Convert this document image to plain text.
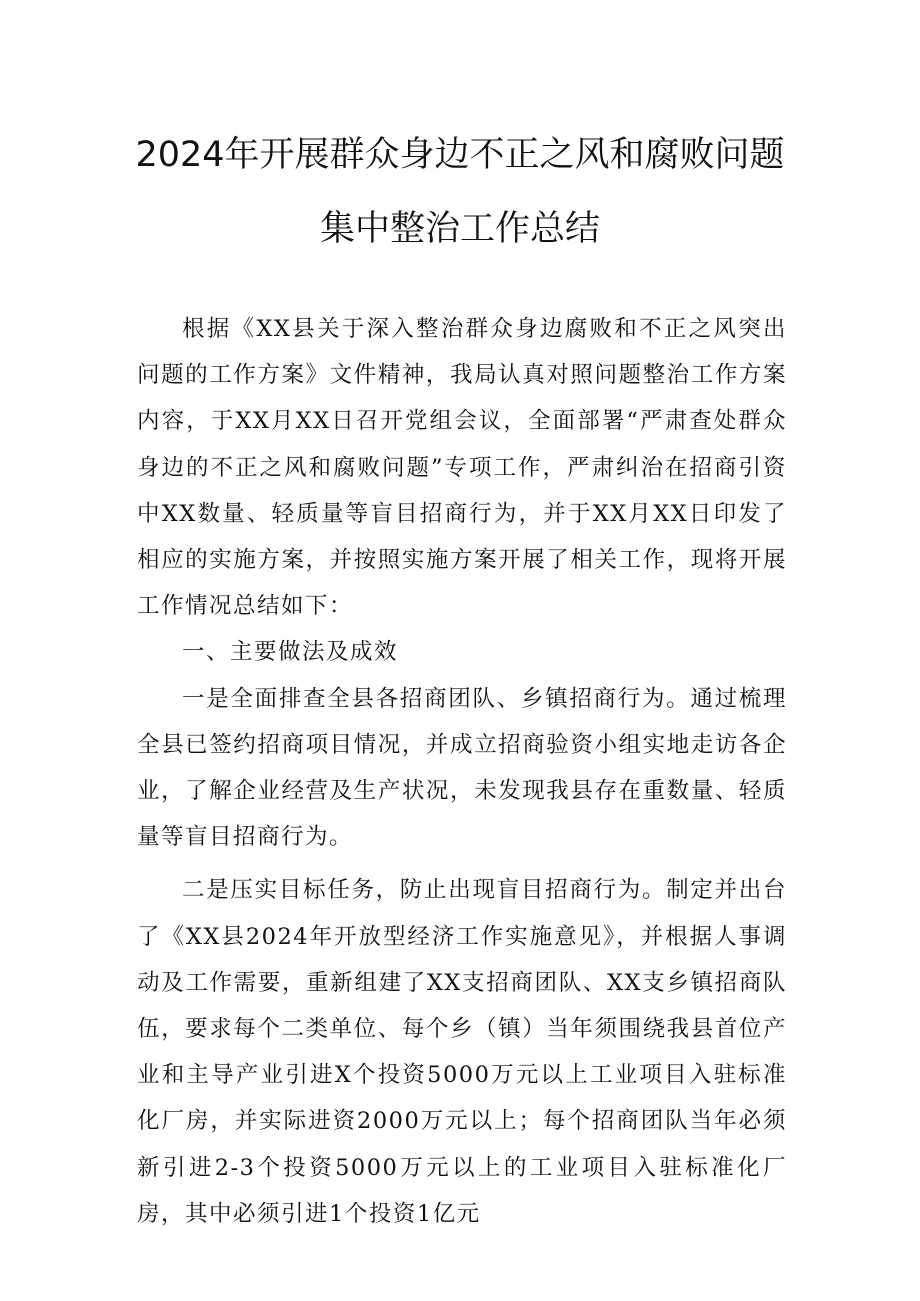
2024年开展群众身边不正之风和腐败问题
集中整治工作总结

根据《XX县关于深入整治群众身边腐败和不正之风突出问题的工作方案》文件精神，我局认真对照问题整治工作方案内容，于XX月XX日召开党组会议，全面部署“严肃查处群众身边的不正之风和腐败问题”专项工作，严肃纠治在招商引资中XX数量、轻质量等盲目招商行为，并于XX月XX日印发了相应的实施方案，并按照实施方案开展了相关工作，现将开展工作情况总结如下：

一、主要做法及成效

一是全面排查全县各招商团队、乡镇招商行为。通过梳理全县已签约招商项目情况，并成立招商验资小组实地走访各企业，了解企业经营及生产状况，未发现我县存在重数量、轻质量等盲目招商行为。

二是压实目标任务，防止出现盲目招商行为。制定并出台了《XX县2024年开放型经济工作实施意见》，并根据人事调动及工作需要，重新组建了XX支招商团队、XX支乡镇招商队伍，要求每个二类单位、每个乡（镇）当年须围绕我县首位产业和主导产业引进X个投资5000万元以上工业项目入驻标准化厂房，并实际进资2000万元以上；每个招商团队当年必须新引进2-3个投资5000万元以上的工业项目入驻标准化厂房，其中必须引进1个投资1亿元
